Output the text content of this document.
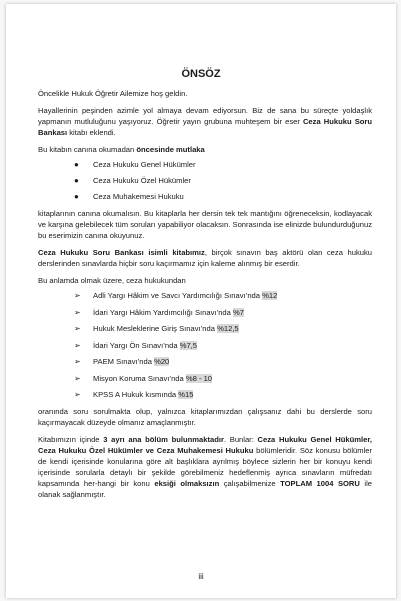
ÖNSÖZ

Öncelikle Hukuk Öğretir Ailemize hoş geldin.

Hayallerinin peşinden azimle yol almaya devam ediyorsun. Biz de sana bu süreçte yoldaşlık yapmanın mutluluğunu yaşıyoruz. Öğretir yayın grubuna muhteşem bir eser Ceza Hukuku Soru Bankası kitabı eklendi.

Bu kitabın canına okumadan öncesinde mutlaka

● Ceza Hukuku Genel Hükümler
● Ceza Hukuku Özel Hükümler
● Ceza Muhakemesi Hukuku

kitaplarının canına okumalısın. Bu kitaplarla her dersin tek tek mantığını öğreneceksin, kodlayacak ve karşına gelebilecek tüm soruları yapabiliyor olacaksın. Sonrasında ise elinizde bulundurduğunuz bu eserimizin canına okuyunuz.

Ceza Hukuku Soru Bankası isimli kitabımız, birçok sınavın baş aktörü olan ceza hukuku derslerinden sınavlarda hiçbir soru kaçırmamız için kaleme alınmış bir eserdir.

Bu anlamda olmak üzere, ceza hukukundan

➢ Adli Yargı Hâkim ve Savcı Yardımcılığı Sınavı’nda %12
➢ İdari Yargı Hâkim Yardımcılığı Sınavı’nda %7
➢ Hukuk Mesleklerine Giriş Sınavı’nda %12,5
➢ İdari Yargı Ön Sınavı’nda %7,5
➢ PAEM Sınavı’nda %20
➢ Misyon Koruma Sınavı’nda %8 - 10
➢ KPSS A Hukuk kısmında %15

oranında soru sorulmakta olup, yalnızca kitaplarımızdan çalışsanız dahi bu derslerde soru kaçırmayacak düzeyde olmanız amaçlanmıştır.

Kitabımızın içinde 3 ayrı ana bölüm bulunmaktadır. Bunlar: Ceza Hukuku Genel Hükümler, Ceza Hukuku Özel Hükümler ve Ceza Muhakemesi Hukuku bölümleridir. Söz konusu bölümler de kendi içerisinde konularına göre alt başlıklara ayrılmış böylece sizlerin her bir konuyu kendi içerisinde sorularla detaylı bir şekilde görebilmeniz hedeflenmiş ayrıca sınavların müfredatı kapsamında her-hangi bir konu eksiği olmaksızın çalışabilmenize TOPLAM 1004 SORU ile olanak sağlanmıştır.

iii
